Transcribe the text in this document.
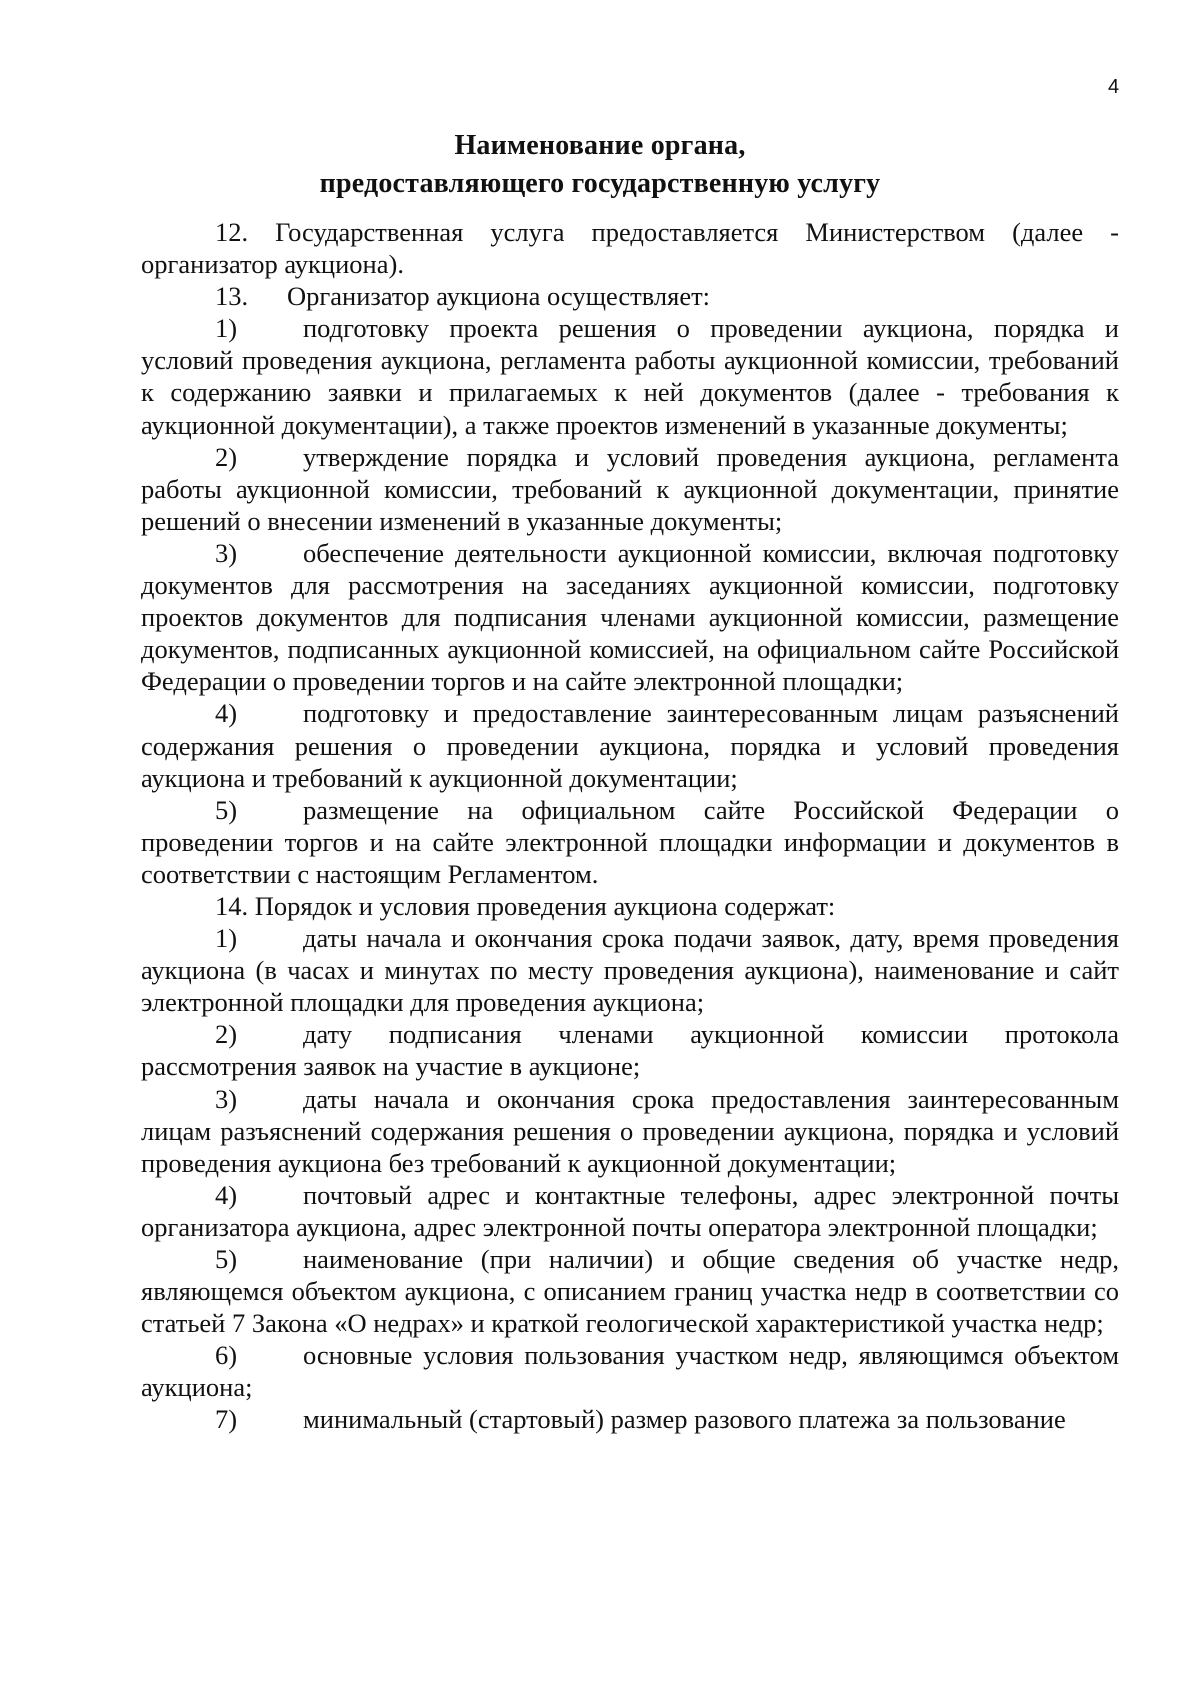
4
Наименование органа,
предоставляющего государственную услугу

12. Государственная услуга предоставляется Министерством (далее - организатор аукциона).

13. Организатор аукциона осуществляет:

1) подготовку проекта решения о проведении аукциона, порядка и условий проведения аукциона, регламента работы аукционной комиссии, требований к содержанию заявки и прилагаемых к ней документов (далее - требования к аукционной документации), а также проектов изменений в указанные документы;

2) утверждение порядка и условий проведения аукциона, регламента работы аукционной комиссии, требований к аукционной документации, принятие решений о внесении изменений в указанные документы;

3) обеспечение деятельности аукционной комиссии, включая подготовку документов для рассмотрения на заседаниях аукционной комиссии, подготовку проектов документов для подписания членами аукционной комиссии, размещение документов, подписанных аукционной комиссией, на официальном сайте Российской Федерации о проведении торгов и на сайте электронной площадки;

4) подготовку и предоставление заинтересованным лицам разъяснений содержания решения о проведении аукциона, порядка и условий проведения аукциона и требований к аукционной документации;

5) размещение на официальном сайте Российской Федерации о проведении торгов и на сайте электронной площадки информации и документов в соответствии с настоящим Регламентом.

14. Порядок и условия проведения аукциона содержат:

1) даты начала и окончания срока подачи заявок, дату, время проведения аукциона (в часах и минутах по месту проведения аукциона), наименование и сайт электронной площадки для проведения аукциона;

2) дату подписания членами аукционной комиссии протокола рассмотрения заявок на участие в аукционе;

3) даты начала и окончания срока предоставления заинтересованным лицам разъяснений содержания решения о проведении аукциона, порядка и условий проведения аукциона без требований к аукционной документации;

4) почтовый адрес и контактные телефоны, адрес электронной почты организатора аукциона, адрес электронной почты оператора электронной площадки;

5) наименование (при наличии) и общие сведения об участке недр, являющемся объектом аукциона, с описанием границ участка недр в соответствии со статьей 7 Закона «О недрах» и краткой геологической характеристикой участка недр;

6) основные условия пользования участком недр, являющимся объектом аукциона;

7) минимальный (стартовый) размер разового платежа за пользование
